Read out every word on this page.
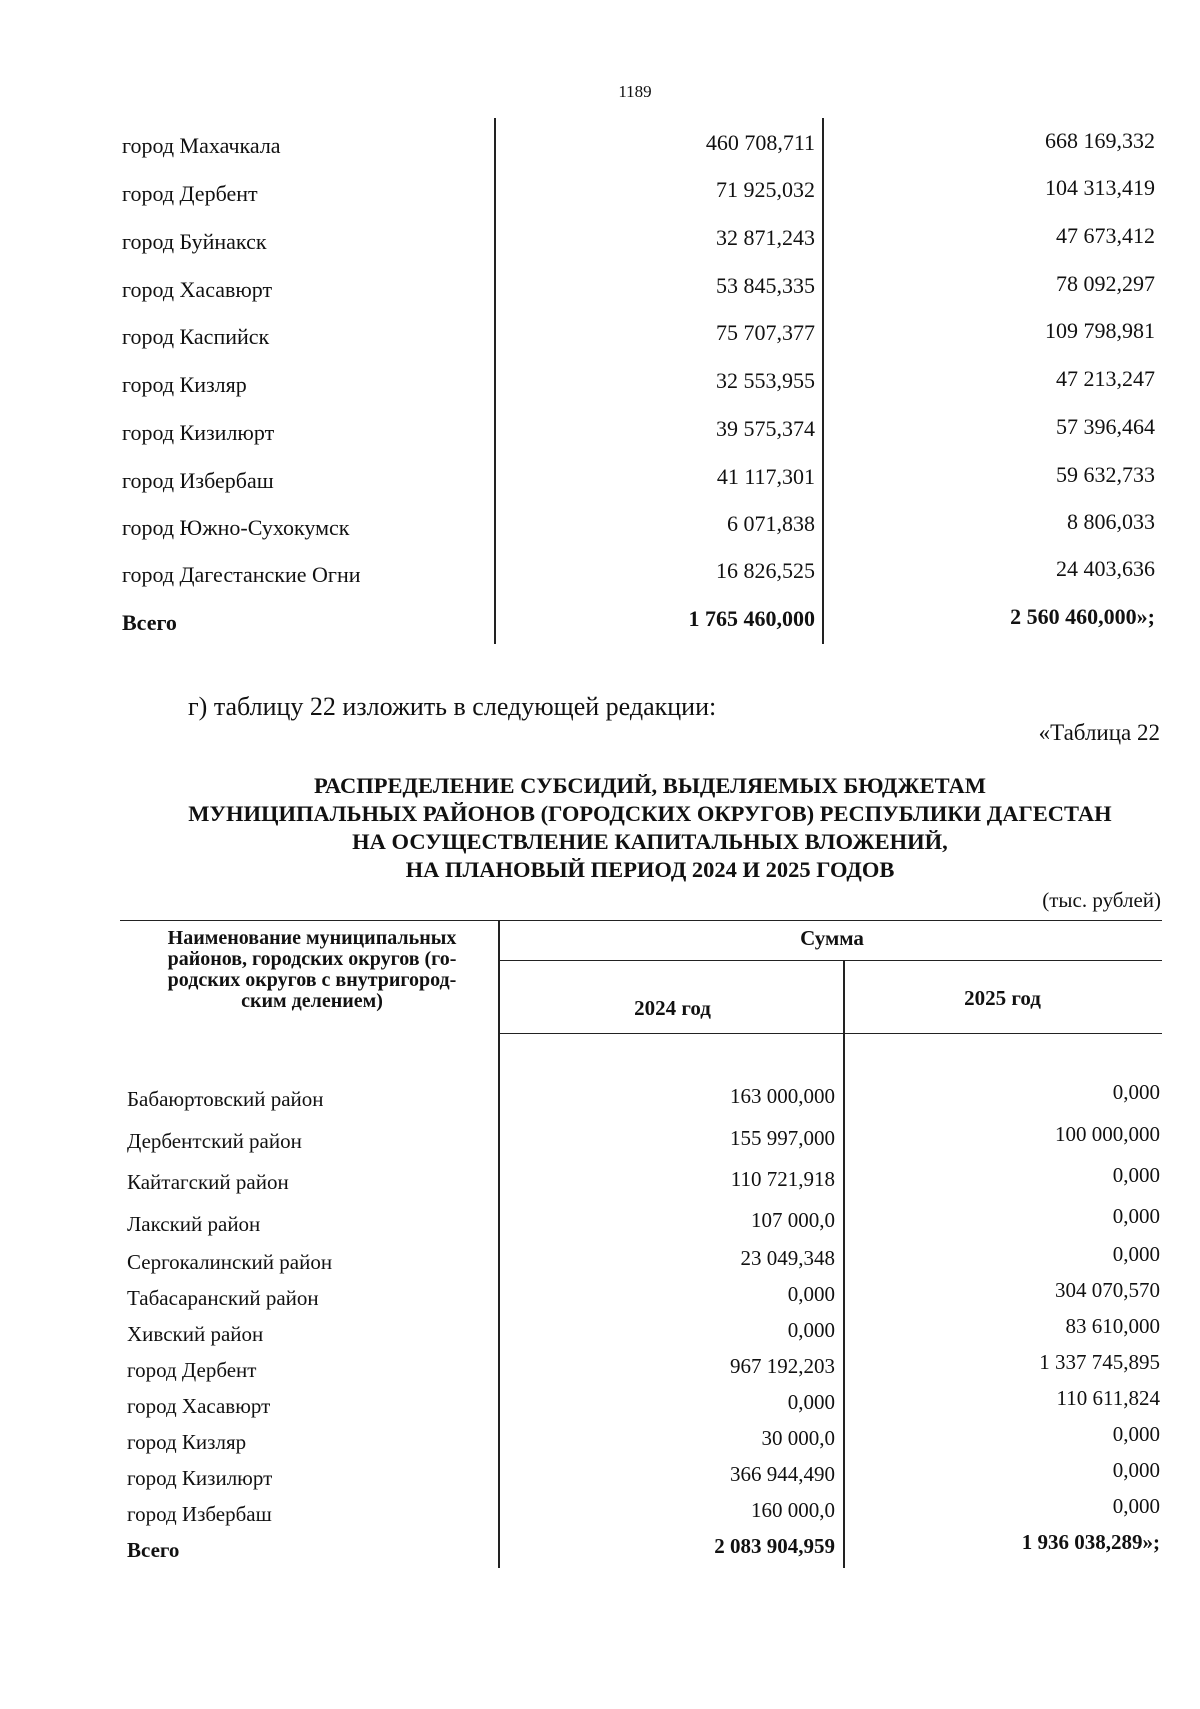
1189
город Махачкала	460 708,711	668 169,332
город Дербент	71 925,032	104 313,419
город Буйнакск	32 871,243	47 673,412
город Хасавюрт	53 845,335	78 092,297
город Каспийск	75 707,377	109 798,981
город Кизляр	32 553,955	47 213,247
город Кизилюрт	39 575,374	57 396,464
город Избербаш	41 117,301	59 632,733
город Южно-Сухокумск	6 071,838	8 806,033
город Дагестанские Огни	16 826,525	24 403,636
Всего	1 765 460,000	2 560 460,000»;
г) таблицу 22 изложить в следующей редакции:
«Таблица 22
РАСПРЕДЕЛЕНИЕ СУБСИДИЙ, ВЫДЕЛЯЕМЫХ БЮДЖЕТАМ
МУНИЦИПАЛЬНЫХ РАЙОНОВ (ГОРОДСКИХ ОКРУГОВ) РЕСПУБЛИКИ ДАГЕСТАН
НА ОСУЩЕСТВЛЕНИЕ КАПИТАЛЬНЫХ ВЛОЖЕНИЙ,
НА ПЛАНОВЫЙ ПЕРИОД 2024 И 2025 ГОДОВ
(тыс. рублей)
Наименование муниципальных
районов, городских округов (го-
родских округов с внутригород-
ским делением)
Сумма
2024 год	2025 год
Бабаюртовский район	163 000,000	0,000
Дербентский район	155 997,000	100 000,000
Кайтагский район	110 721,918	0,000
Лакский район	107 000,0	0,000
Сергокалинский район	23 049,348	0,000
Табасаранский район	0,000	304 070,570
Хивский район	0,000	83 610,000
город Дербент	967 192,203	1 337 745,895
город Хасавюрт	0,000	110 611,824
город Кизляр	30 000,0	0,000
город Кизилюрт	366 944,490	0,000
город Избербаш	160 000,0	0,000
Всего	2 083 904,959	1 936 038,289»;
